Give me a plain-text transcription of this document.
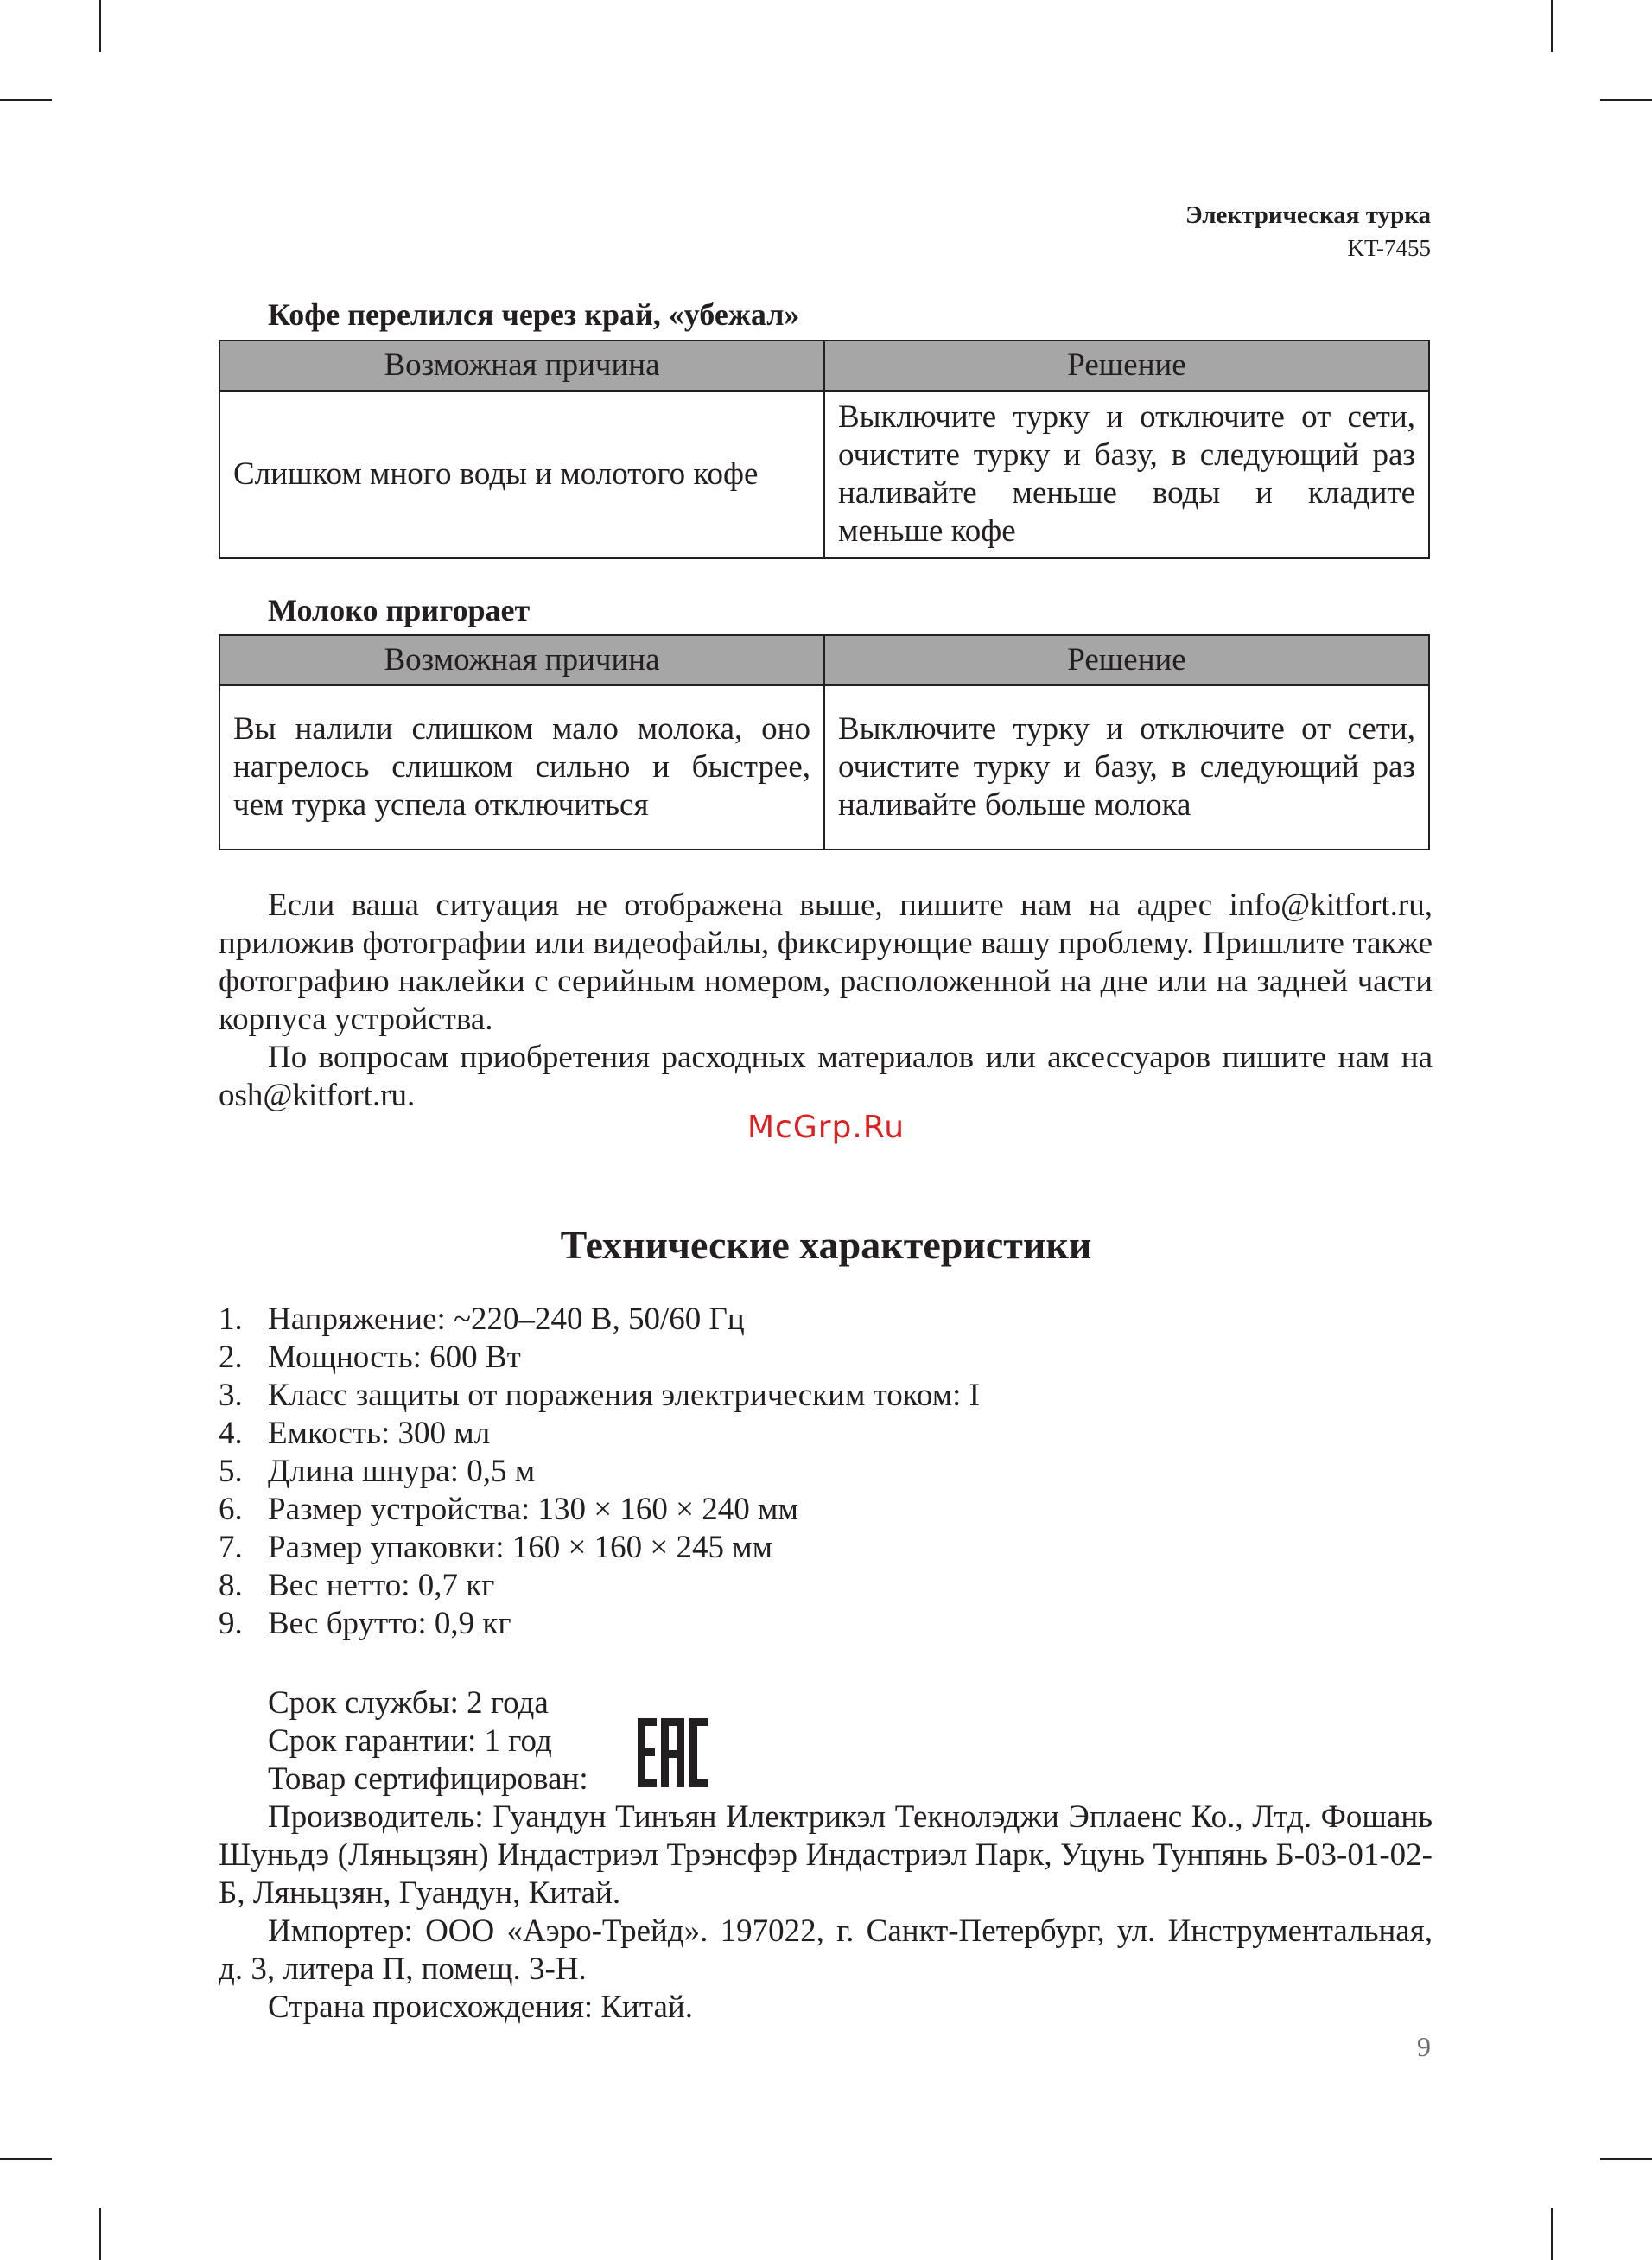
Электрическая турка
KT-7455
Кофе перелился через край, «убежал»
Возможная причина	Решение
Слишком много воды и молотого кофе	Выключите турку и отключите от сети, очистите турку и базу, в следующий раз наливайте меньше воды и кладите меньше кофе
Молоко пригорает
Возможная причина	Решение
Вы налили слишком мало молока, оно нагрелось слишком сильно и быстрее, чем турка успела отключиться	Выключите турку и отключите от сети, очистите турку и базу, в следующий раз наливайте больше молока

Если ваша ситуация не отображена выше, пишите нам на адрес info@kitfort.ru, приложив фотографии или видеофайлы, фиксирующие вашу проблему. Пришлите также фотографию наклейки с серийным номером, расположенной на дне или на задней части корпуса устройства.

По вопросам приобретения расходных материалов или аксессуаров пишите нам на osh@kitfort.ru.

McGrp.Ru
Технические характеристики
1. Напряжение: ~220–240 В, 50/60 Гц
2. Мощность: 600 Вт
3. Класс защиты от поражения электрическим током: I
4. Емкость: 300 мл
5. Длина шнура: 0,5 м
6. Размер устройства: 130 × 160 × 240 мм
7. Размер упаковки: 160 × 160 × 245 мм
8. Вес нетто: 0,7 кг
9. Вес брутто: 0,9 кг
Срок службы: 2 года
Срок гарантии: 1 год
Товар сертифицирован:

Производитель: Гуандун Тинъян Илектрикэл Текнолэджи Эплаенс Ко., Лтд. Фошань Шуньдэ (Ляньцзян) Индастриэл Трэнсфэр Индастриэл Парк, Уцунь Тунпянь Б-03-01-02-Б, Ляньцзян, Гуандун, Китай.

Импортер: ООО «Аэро-Трейд». 197022, г. Санкт-Петербург, ул. Инструментальная, д. 3, литера П, помещ. 3-Н.

Страна происхождения: Китай.
9
